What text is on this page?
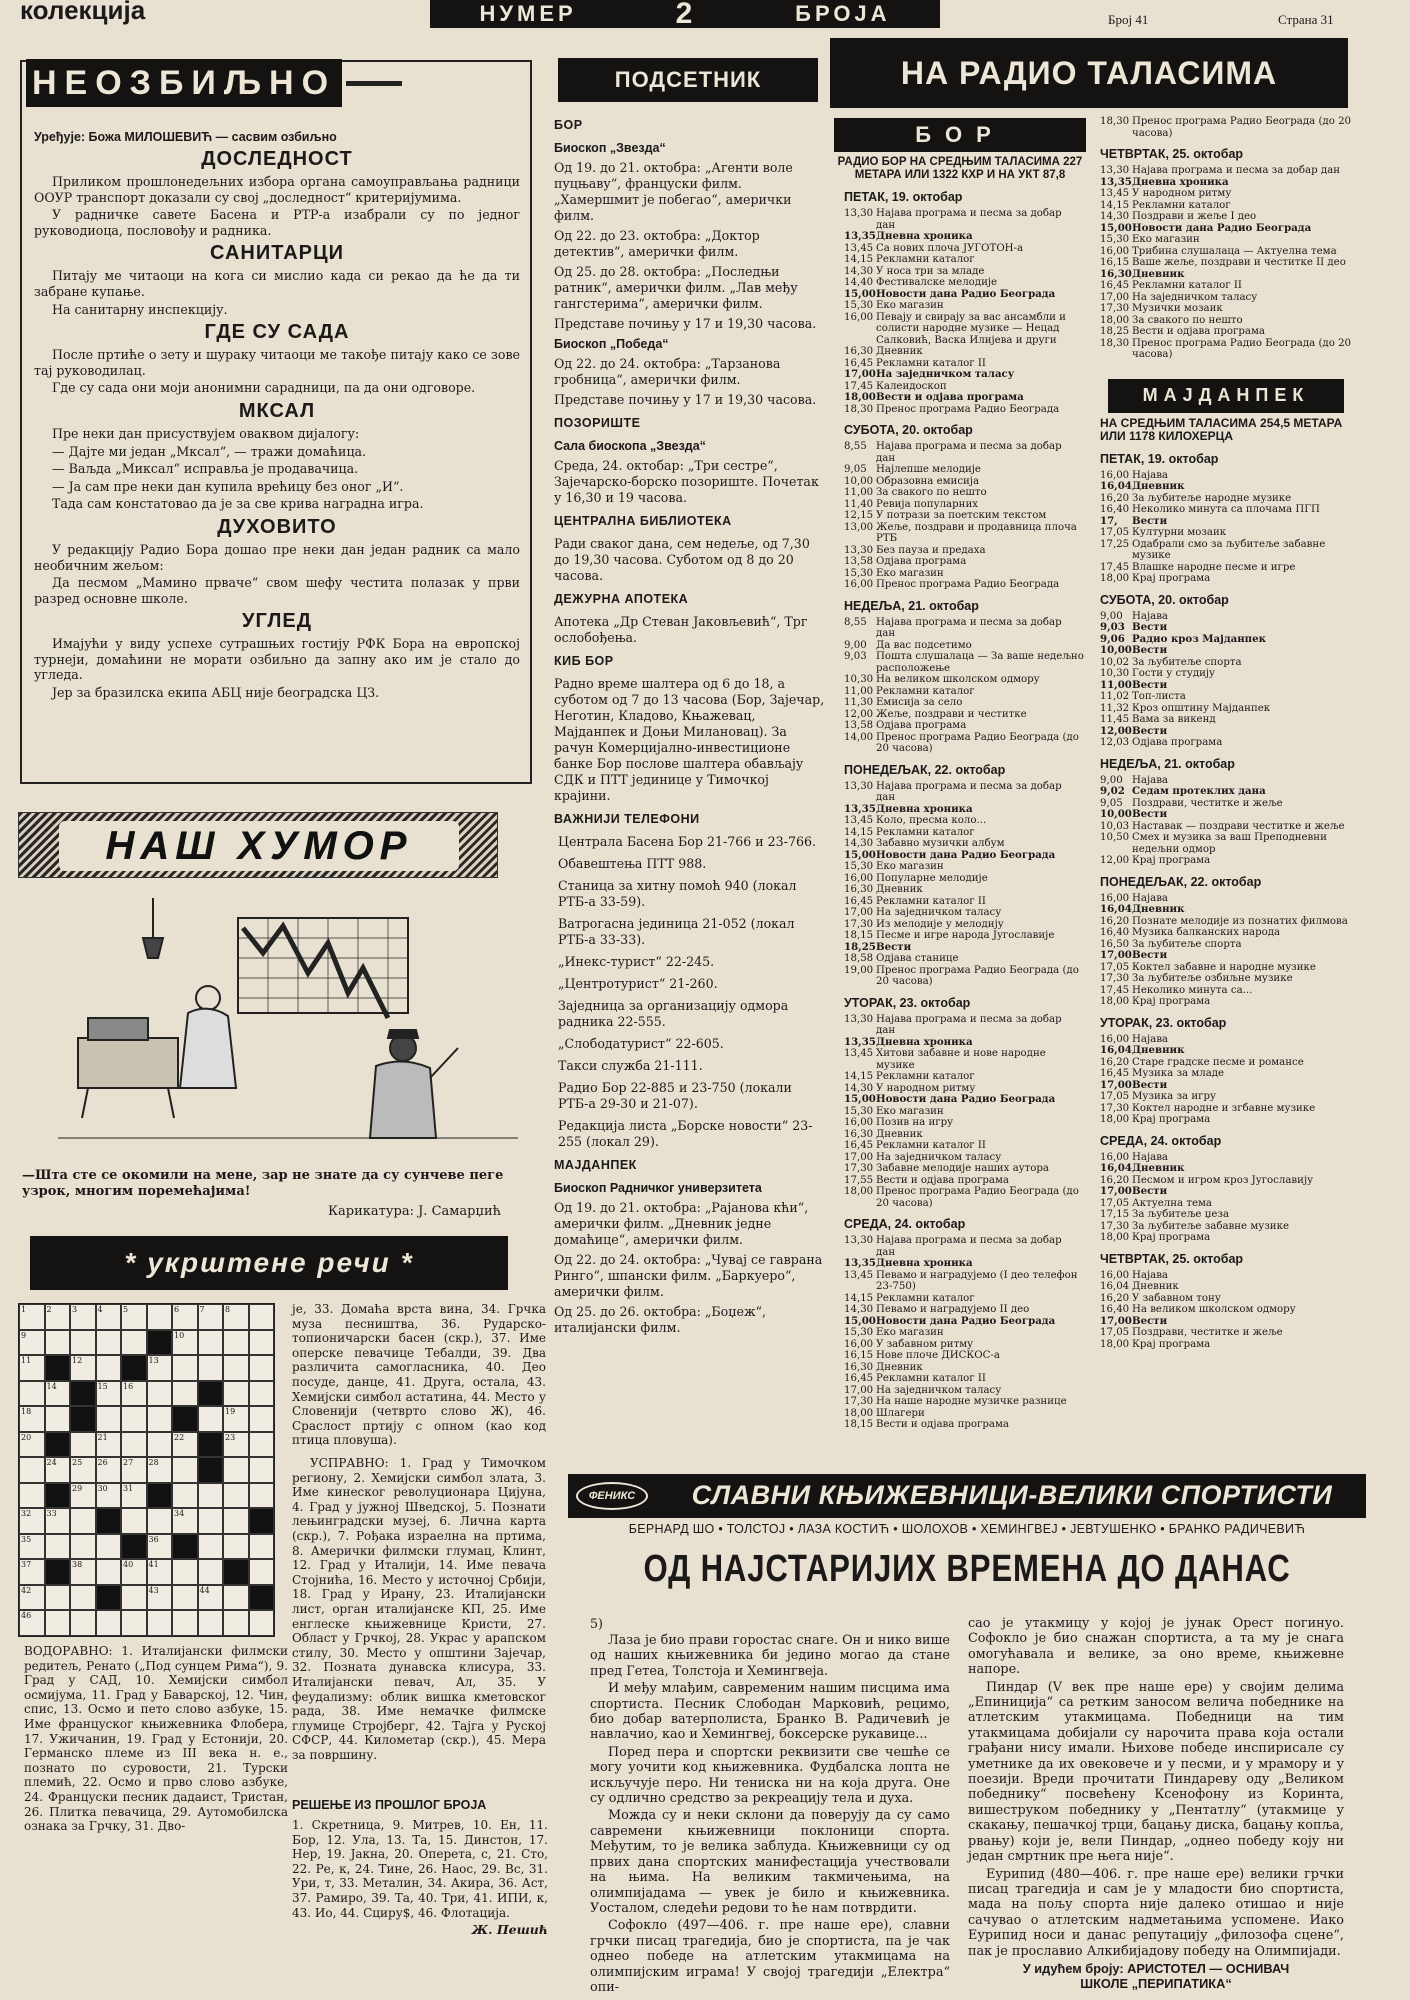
колекција	НУМЕР	2	БРОЈА	Број 41	Страна 31
НЕОЗБИЉНО
Уређује: Божа МИЛОШЕВИЋ — сасвим озбиљно
ДОСЛЕДНОСТ
Приликом прошлонедељних избора органа самоуправљања радници ООУР транспорт доказали су свој „доследност“ критеријумима.
У радничке савете Басена и РТР-а изабрали су по једног руководиоца, пословођу и радника.
САНИТАРЦИ
Питају ме читаоци на кога си мислио када си рекао да ће да ти забране купање.
На санитарну инспекцију.
ГДЕ СУ САДА
После пртиће о зету и шураку читаоци ме такође питају како се зове тај руководилац.
Где су сада они моји анонимни сарадници, па да они одговоре.
МКСАЛ
Пре неки дан присуствујем оваквом дијалогу:
— Дајте ми један „Мксал“, — тражи домаћица.
— Ваљда „Миксал“ исправља је продавачица.
— Ја сам пре неки дан купила врећицу без оног „И“.
Тада сам констатовао да је за све крива наградна игра.
ДУХОВИТО
У редакцију Радио Бора дошао пре неки дан један радник са мало необичним жељом:
Да песмом „Мамино прваче“ свом шефу честита полазак у први разред основне школе.
УГЛЕД
Имајући у виду успехе сутрашњих гостију РФК Бора на европској турнеји, домаћини не морати озбиљно да запну ако им је стало до угледа.
Јер за бразилска екипа АБЦ није београдска ЦЗ.
НАШ ХУМОР
—Шта сте се окомили на мене, зар не знате да су сунчеве пеге узрок, многим поремећајима!
Карикатура: Ј. Самарџић
* укрштене речи *
1	2	3	4	5	6	7	8
9	10
11	12	13
14	15	16
18	19
20	21	22	23
24	25	26	27	28
29	30	31
32	33	34
35	36
37	38	40	41
42	43	44
46
је, 33. Домаћа врста вина, 34. Грчка муза песништва, 36. Рударско-топионичарски басен (скр.), 37. Име оперске певачице Тебалди, 39. Два различита самогласника, 40. Део посуде, данце, 41. Друга, остала, 43. Хемијски симбол астатина, 44. Место у Словенији (четврто слово Ж), 46. Сраслост пртију с опном (као код птица пловуша).
УСПРАВНО: 1. Град у Тимочком региону, 2. Хемијски симбол злата, 3. Име кинеског револуционара Цијуна, 4. Град у јужној Шведској, 5. Познати лењинградски музеј, 6. Лична карта (скр.), 7. Рођака израелна на пртима, 8. Амерички филмски глумац, Клинт, 12. Град у Италији, 14. Име певача Стојнића, 16. Место у источној Србији, 18. Град у Ирану, 23. Италијански лист, орган италијанске КП, 25. Име енглеске књижевнице Кристи, 27. Област у Грчкој, 28. Украс у арапском стилу, 30. Место у општини Зајечар, 32. Позната дунавска клисура, 33. Италијански певач, Ал, 35. У феудализму: облик вишка кметовског рада, 38. Име немачке филмске глумице Стројберг, 42. Тајга у Руској СФСР, 44. Километар (скр.), 45. Мера за површину.
ВОДОРАВНО: 1. Италијански филмски редитељ, Ренато („Под сунцем Рима“), 9. Град у САД, 10. Хемијски симбол осмијума, 11. Град у Баварској, 12. Чин, спис, 13. Осмо и пето слово азбуке, 15. Име француског књижевника Флобера, 17. Ужичанин, 19. Град у Естонији, 20. Германско племе из III века н. е., познато по суровости, 21. Турски племић, 22. Осмо и прво слово азбуке, 24. Француски песник дадаист, Тристан, 26. Плитка певачица, 29. Аутомобилска ознака за Грчку, 31. Дво-
РЕШЕЊЕ ИЗ ПРОШЛОГ БРОЈА
1. Скретница, 9. Митрев, 10. Ен, 11. Бор, 12. Ула, 13. Та, 15. Динстон, 17. Нер, 19. Јакна, 20. Оперета, с, 21. Сто, 22. Ре, к, 24. Тине, 26. Наос, 29. Вс, 31. Ури, т, 33. Металин, 34. Акира, 36. Аст, 37. Рамиро, 39. Та, 40. Три, 41. ИПИ, к, 43. Ио, 44. Сциру$, 46. Флотација.
Ж. Пешић
ПОДСЕТНИК
БОР
Биоскоп „Звезда“
Од 19. до 21. октобра: „Агенти воле пуцњаву“, француски филм. „Хамершмит је побегао“, амерички филм.
Од 22. до 23. октобра: „Доктор детектив“, амерички филм.
Од 25. до 28. октобра: „Последњи ратник“, амерички филм. „Лав међу гангстерима“, амерички филм.
Представе почињу у 17 и 19,30 часова.
Биоскоп „Победа“
Од 22. до 24. октобра: „Тарзанова гробница“, амерички филм.
Представе почињу у 17 и 19,30 часова.
ПОЗОРИШТЕ
Сала биоскопа „Звезда“
Среда, 24. октобар: „Три сестре“, Зајечарско-борско позориште. Почетак у 16,30 и 19 часова.
ЦЕНТРАЛНА БИБЛИОТЕКА
Ради сваког дана, сем недеље, од 7,30 до 19,30 часова. Суботом од 8 до 20 часова.
ДЕЖУРНА АПОТЕКА
Апотека „Др Стеван Јаковљевић“, Трг ослобођења.
КИБ БОР
Радно време шалтера од 6 до 18, а суботом од 7 до 13 часова (Бор, Зајечар, Неготин, Кладово, Књажевац, Мајданпек и Доњи Милановац). За рачун Комерцијално-инвестиционе банке Бор послове шалтера обављају СДК и ПТТ јединице у Тимочкој крајини.
ВАЖНИЈИ ТЕЛЕФОНИ
Централа Басена Бор 21-766 и 23-766.
Обавештења ПТТ 988.
Станица за хитну помоћ 940 (локал РТБ-а 33-59).
Ватрогасна јединица 21-052 (локал РТБ-а 33-33).
„Инекс-турист“ 22-245.
„Центротурист“ 21-260.
Заједница за организацију одмора радника 22-555.
„Слободатурист“ 22-605.
Такси служба 21-111.
Радио Бор 22-885 и 23-750 (локали РТБ-а 29-30 и 21-07).
Редакција листа „Борске новости“ 23-255 (локал 29).
МАЈДАНПЕК
Биоскоп Радничког универзитета
Од 19. до 21. октобра: „Рајанова кћи“, амерички филм. „Дневник једне домаћице“, амерички филм.
Од 22. до 24. октобра: „Чувај се гаврана Ринго“, шпански филм. „Баркуеро“, амерички филм.
Од 25. до 26. октобра: „Боџеж“, италијански филм.
НА РАДИО ТАЛАСИМА
БОР
РАДИО БОР НА СРЕДЊИМ ТАЛАСИМА 227 МЕТАРА ИЛИ 1322 КХР И НА УКТ 87,8
ПЕТАК, 19. октобар
13,30 Најава програма и песма за добар дан
13,35 Дневна хроника
13,45 Са нових плоча ЈУГОТОН-а
14,15 Рекламни каталог
14,30 У носа три за младе
14,40 Фестивалске мелодије
15,00 Новости дана Радио Београда
15,30 Еко магазин
16,00 Певају и свирају за вас ансамбли и солисти народне музике — Нецад Салковић, Васка Илијева и други
16,30 Дневник
16,45 Рекламни каталог II
17,00 На заједничком таласу
17,45 Калеидоскоп
18,00 Вести и одјава програма
18,30 Пренос програма Радио Београда
СУБОТА, 20. октобар
8,55 Најава програма и песма за добар дан
9,05 Најлепше мелодије
10,00 Образовна емисија
11,00 За свакого по нешто
11,40 Ревија популарних
12,15 У потрази за поетским текстом
13,00 Жеље, поздрави и продавница плоча РТБ
13,30 Без пауза и предаха
13,58 Одјава програма
15,30 Еко магазин
16,00 Пренос програма Радио Београда
НЕДЕЉА, 21. октобар
8,55 Најава програма и песма за добар дан
9,00 Да вас подсетимо
9,03 Пошта слушалаца — За ваше недељно расположење
10,30 На великом школском одмору
11,00 Рекламни каталог
11,30 Емисија за село
12,00 Жеље, поздрави и честитке
13,58 Одјава програма
14,00 Пренос програма Радио Београда (до 20 часова)
ПОНЕДЕЉАК, 22. октобар
13,30 Најава програма и песма за добар дан
13,35 Дневна хроника
13,45 Коло, пресма коло...
14,15 Рекламни каталог
14,30 Забавно музички албум
15,00 Новости дана Радио Београда
15,30 Еко магазин
16,00 Популарне мелодије
16,30 Дневник
16,45 Рекламни каталог II
17,00 На заједничком таласу
17,30 Из мелодије у мелодију
18,15 Песме и игре народа Југославије
18,25 Вести
18,58 Одјава станице
19,00 Пренос програма Радио Београда (до 20 часова)
УТОРАК, 23. октобар
13,30 Најава програма и песма за добар дан
13,35 Дневна хроника
13,45 Хитови забавне и нове народне музике
14,15 Рекламни каталог
14,30 У народном ритму
15,00 Новости дана Радио Београда
15,30 Еко магазин
16,00 Позив на игру
16,30 Дневник
16,45 Рекламни каталог II
17,00 На заједничком таласу
17,30 Забавне мелодије наших аутора
17,55 Вести и одјава програма
18,00 Пренос програма Радио Београда (до 20 часова)
СРЕДА, 24. октобар
13,30 Најава програма и песма за добар дан
13,35 Дневна хроника
13,45 Певамо и наградујемо (I део телефон 23-750)
14,15 Рекламни каталог
14,30 Певамо и наградујемо II део
15,00 Новости дана Радио Београда
15,30 Еко магазин
16,00 У забавном ритму
16,15 Нове плоче ДИСКОС-а
16,30 Дневник
16,45 Рекламни каталог II
17,00 На заједничком таласу
17,30 На наше народне музичке разнице
18,00 Шлагери
18,15 Вести и одјава програма
18,30 Пренос програма Радио Београда (до 20 часова)
ЧЕТВРТАК, 25. октобар
13,30 Најава програма и песма за добар дан
13,35 Дневна хроника
13,45 У народном ритму
14,15 Рекламни каталог
14,30 Поздрави и жеље I део
15,00 Новости дана Радио Београда
15,30 Еко магазин
16,00 Трибина слушалаца — Актуелна тема
16,15 Ваше жеље, поздрави и честитке II део
16,30 Дневник
16,45 Рекламни каталог II
17,00 На заједничком таласу
17,30 Музички мозаик
18,00 За свакого по нешто
18,25 Вести и одјава програма
18,30 Пренос програма Радио Београда (до 20 часова)
МАЈДАНПЕК
НА СРЕДЊИМ ТАЛАСИМА 254,5 МЕТАРА ИЛИ 1178 КИЛОХЕРЦА
ПЕТАК, 19. октобар
16,00 Најава
16,04 Дневник
16,20 За љубитеље народне музике
16,40 Неколико минута са плочама ПГП
17,	Вести
17,05 Културни мозаик
17,25 Одабрали смо за љубитеље забавне музике
17,45 Влашке народне песме и игре
18,00 Крај програма
СУБОТА, 20. октобар
9,00 Најава
9,03 Вести
9,06 Радио кроз Мајданпек
10,00 Вести
10,02 За љубитеље спорта
10,30 Гости у студију
11,00 Вести
11,02 Топ-листа
11,32 Кроз општину Мајданпек
11,45 Вама за викенд
12,00 Вести
12,03 Одјава програма
НЕДЕЉА, 21. октобар
9,00 Најава
9,02 Седам протеклих дана
9,05 Поздрави, честитке и жеље
10,00 Вести
10,03 Наставак — поздрави честитке и жеље
10,50 Смех и музика за ваш Преподневни недељни одмор
12,00 Крај програма
ПОНЕДЕЉАК, 22. октобар
16,00 Најава
16,04 Дневник
16,20 Познате мелодије из познатих филмова
16,40 Музика балканских народа
16,50 За љубитеље спорта
17,00 Вести
17,05 Коктел забавне и народне музике
17,30 За љубитеље озбиљне музике
17,45 Неколико минута са...
18,00 Крај програма
УТОРАК, 23. октобар
16,00 Најава
16,04 Дневник
16,20 Старе градске песме и романсе
16,45 Музика за младе
17,00 Вести
17,05 Музика за игру
17,30 Коктел народне и згбавне музике
18,00 Крај програма
СРЕДА, 24. октобар
16,00 Најава
16,04 Дневник
16,20 Песмом и игром кроз Југославију
17,00 Вести
17,05 Актуелна тема
17,15 За љубитеље џеза
17,30 За љубитеље забавне музике
18,00 Крај програма
ЧЕТВРТАК, 25. октобар
16,00 Најава
16,04 Дневник
16,20 У забавном тону
16,40 На великом школском одмору
17,00 Вести
17,05 Поздрави, честитке и жеље
18,00 Крај програма
ФЕНИКС	СЛАВНИ КЊИЖЕВНИЦИ-ВЕЛИКИ СПОРТИСТИ
БЕРНАРД ШО • ТОЛСТОЈ • ЛАЗА КОСТИЋ • ШОЛОХОВ • ХЕМИНГВЕЈ • ЈЕВТУШЕНКО • БРАНКО РАДИЧЕВИЋ
ОД НАЈСТАРИЈИХ ВРЕМЕНА ДО ДАНАС
5)
Лаза је био прави горостас снаге. Он и нико више од наших књижевника би једино могао да стане пред Гетеа, Толстоја и Хемингвеја.
И међу млађим, савременим нашим писцима има спортиста. Песник Слободан Марковић, рецимо, био добар ватерполиста, Бранко В. Радичевић је навлачио, као и Хемингвеј, боксерске рукавице...
Поред пера и спортски реквизити све чешће се могу уочити код књижевника. Фудбалска лопта не искључује перо. Ни тениска ни на која друга. Оне су одлично средство за рекреацију тела и духа.
Можда су и неки склони да поверују да су само савремени књижевници поклоници спорта. Међутим, то је велика заблуда. Књижевници су од првих дана спортских манифестација учествовали на њима. На великим такмичењима, на олимпијадама — увек је било и књижевника. Уосталом, следећи редови то ће нам потврдити.
Софокло (497—406. г. пре наше ере), славни грчки писац трагедија, био је спортиста, па је чак однео победе на атлетским утакмицама на олимпијским играма! У својој трагедији „Електра“ опи-
сао је утакмицу у којој је јунак Орест погинуо. Софокло је био снажан спортиста, а та му је снага омогућавала и велике, за оно време, књижевне напоре.
Пиндар (V век пре наше ере) у својим делима „Епиниција“ са ретким заносом велича победнике на атлетским утакмицама. Победници на тим утакмицама добијали су нарочита права која остали грађани нису имали. Њихове победе инспирисале су уметнике да их овековече и у песми, и у мрамору и у поезији. Вреди прочитати Пиндареву оду „Великом победнику“ посвећену Ксенофону из Коринта, вишеструком победнику у „Пентатлу“ (утакмице у скакању, пешачкој трци, бацању диска, бацању копља, рвању) који је, вели Пиндар, „однео победу коју ни један смртник пре њега није“.
Еурипид (480—406. г. пре наше ере) велики грчки писац трагедија и сам је у младости био спортиста, мада на пољу спорта није далеко отишао и није сачувао о атлетским надметањима успомене. Иако Еурипид носи и данас репутацију „филозофа сцене“, пак је прославио Алкибијадову победу на Олимпијади.
У идућем броју: АРИСТОТЕЛ — ОСНИВАЧ ШКОЛЕ „ПЕРИПАТИКА“
